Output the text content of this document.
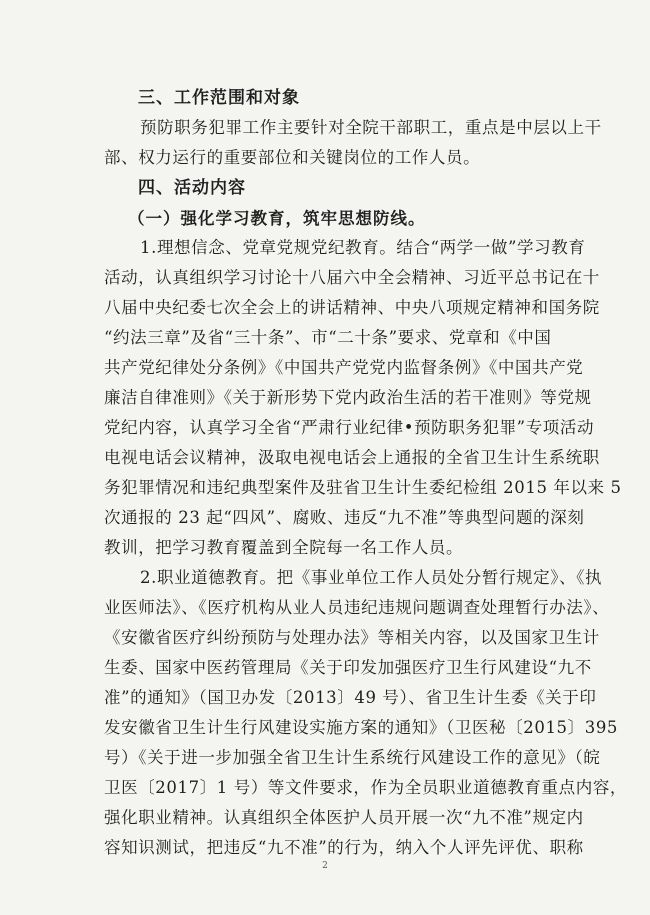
三、工作范围和对象
预防职务犯罪工作主要针对全院干部职工，重点是中层以上干
部、权力运行的重要部位和关键岗位的工作人员。
四、活动内容
（一）强化学习教育，筑牢思想防线。
1.理想信念、党章党规党纪教育。结合“两学一做”学习教育
活动，认真组织学习讨论十八届六中全会精神、习近平总书记在十
八届中央纪委七次全会上的讲话精神、中央八项规定精神和国务院
“约法三章”及省“三十条”、市“二十条”要求、党章和《中国
共产党纪律处分条例》《中国共产党党内监督条例》《中国共产党
廉洁自律准则》《关于新形势下党内政治生活的若干准则》等党规
党纪内容，认真学习全省“严肃行业纪律•预防职务犯罪”专项活动
电视电话会议精神，汲取电视电话会上通报的全省卫生计生系统职
务犯罪情况和违纪典型案件及驻省卫生计生委纪检组 2015 年以来 5
次通报的 23 起“四风”、腐败、违反“九不准”等典型问题的深刻
教训，把学习教育覆盖到全院每一名工作人员。
2.职业道德教育。把《事业单位工作人员处分暂行规定》、《执
业医师法》、《医疗机构从业人员违纪违规问题调查处理暂行办法》、
《安徽省医疗纠纷预防与处理办法》等相关内容，以及国家卫生计
生委、国家中医药管理局《关于印发加强医疗卫生行风建设“九不
准”的通知》（国卫办发〔2013〕49 号）、省卫生计生委《关于印
发安徽省卫生计生行风建设实施方案的通知》（卫医秘〔2015〕395
号）《关于进一步加强全省卫生计生系统行风建设工作的意见》（皖
卫医〔2017〕1 号）等文件要求，作为全员职业道德教育重点内容，
强化职业精神。认真组织全体医护人员开展一次“九不准”规定内
容知识测试，把违反“九不准”的行为，纳入个人评先评优、职称
2
